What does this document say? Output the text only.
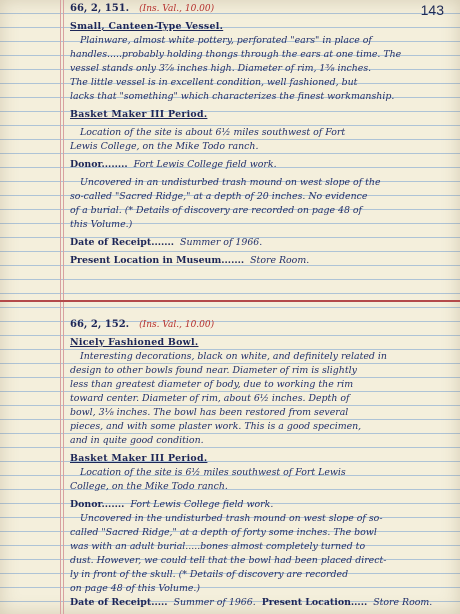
143
66, 2, 151. (Ins. Val., 10.00)
Small, Canteen-Type Vessel.
Plainware, almost white pottery, perforated "ears" in place of
handles.....probably holding thongs through the ears at one time. The
vessel stands only 3⅞ inches high. Diameter of rim, 1⅜ inches.
The little vessel is in excellent condition, well fashioned, but
lacks that "something" which characterizes the finest workmanship.
Basket Maker III Period.
Location of the site is about 6½ miles southwest of Fort
Lewis College, on the Mike Todo ranch.
Donor........ Fort Lewis College field work.
Uncovered in an undisturbed trash mound on west slope of the
so-called "Sacred Ridge," at a depth of 20 inches. No evidence
of a burial. (* Details of discovery are recorded on page 48 of
this Volume.)
Date of Receipt....... Summer of 1966.
Present Location in Museum....... Store Room.
66, 2, 152. (Ins. Val., 10.00)
Nicely Fashioned Bowl.
Interesting decorations, black on white, and definitely related in
design to other bowls found near. Diameter of rim is slightly
less than greatest diameter of body, due to working the rim
toward center. Diameter of rim, about 6½ inches. Depth of
bowl, 3⅛ inches. The bowl has been restored from several
pieces, and with some plaster work. This is a good specimen,
and in quite good condition.
Basket Maker III Period.
Location of the site is 6½ miles southwest of Fort Lewis
College, on the Mike Todo ranch.
Donor....... Fort Lewis College field work.
Uncovered in the undisturbed trash mound on west slope of so-
called "Sacred Ridge," at a depth of forty some inches. The bowl
was with an adult burial.....bones almost completely turned to
dust. However, we could tell that the bowl had been placed direct-
ly in front of the skull. (* Details of discovery are recorded
on page 48 of this Volume.)
Date of Receipt..... Summer of 1966. Present Location..... Store Room.
